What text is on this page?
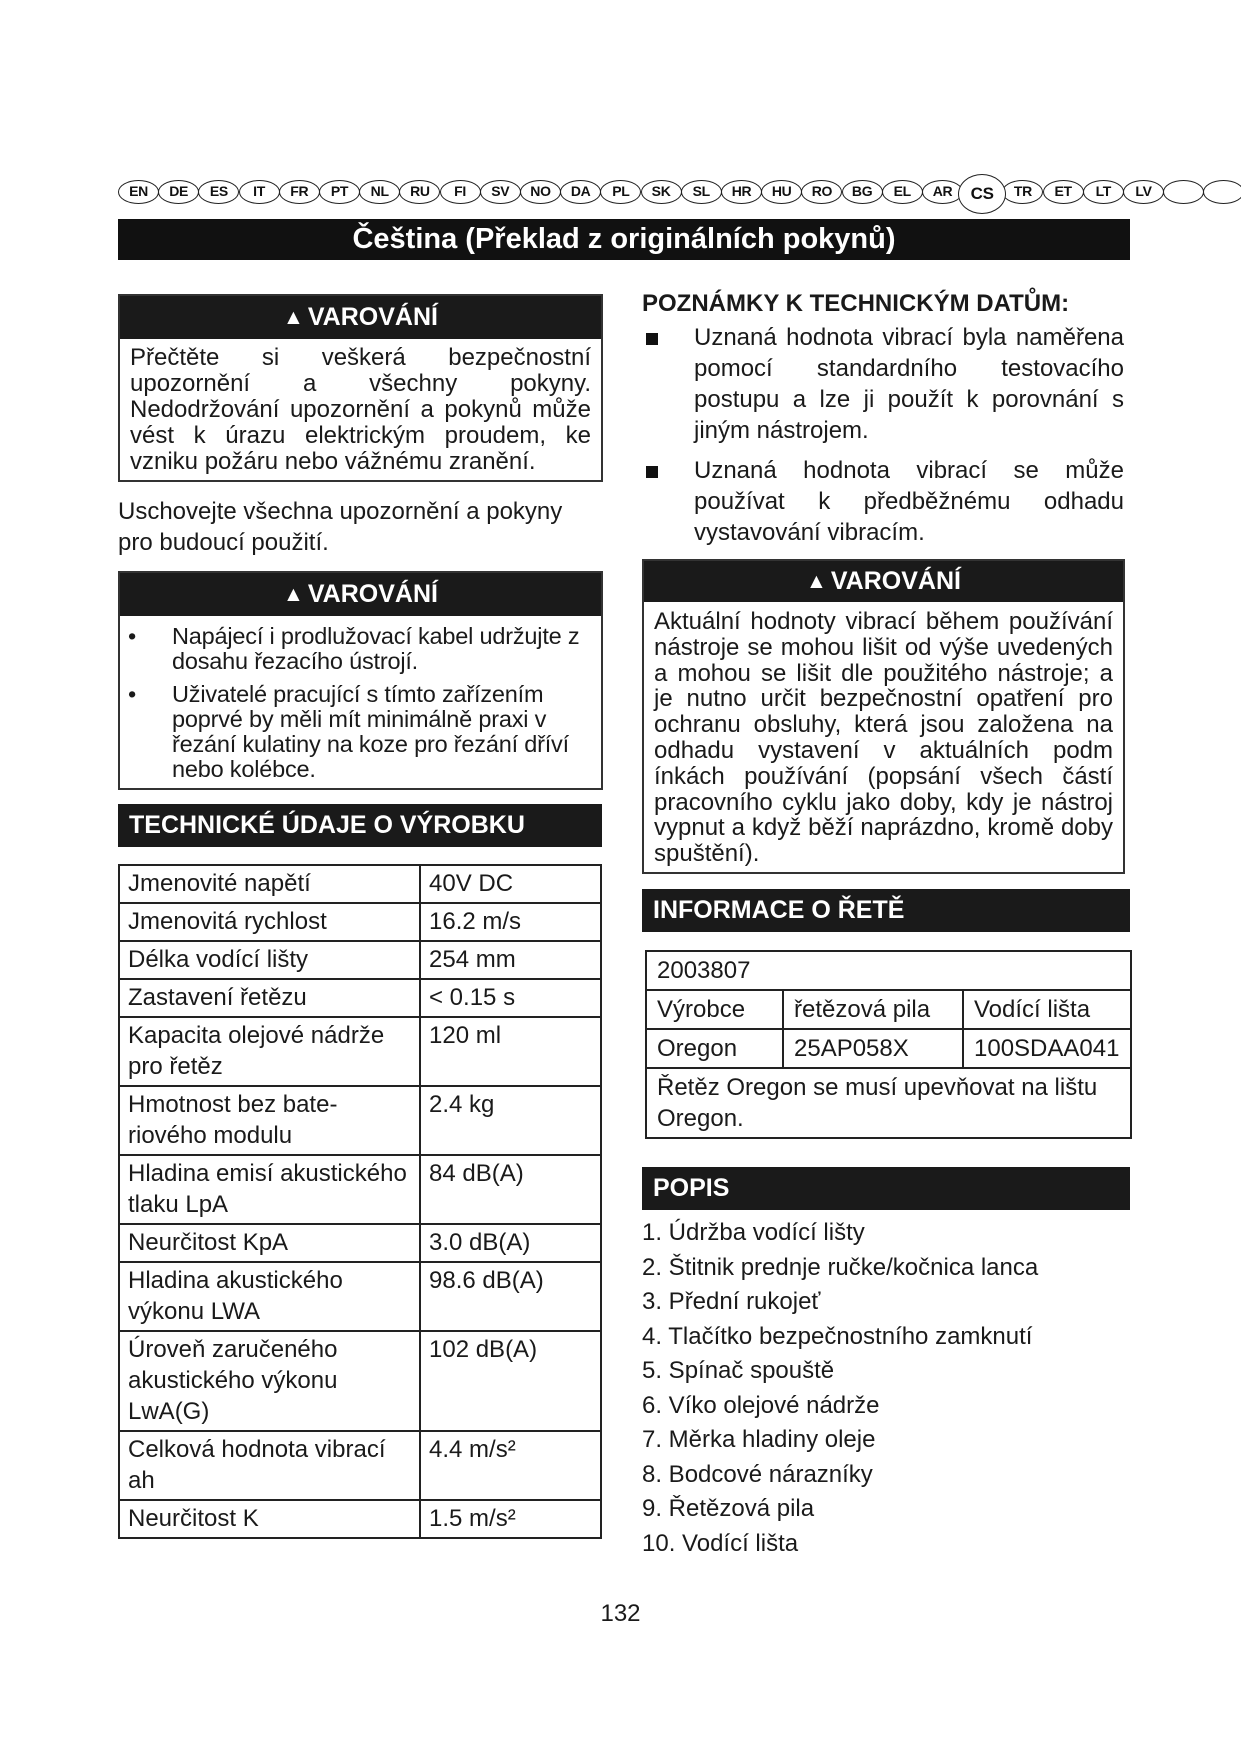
Čeština (Překlad z originálních pokynů)
▲ VAROVÁNÍ
Přečtěte si veškerá bezpečnostní upozornění a všechny pokyny. Nedodržování upozornění a pokynů může vést k úrazu elektrickým proudem, ke vzniku požáru nebo vážnému zranění.
Uschovejte všechna upozornění a pokyny pro budoucí použití.
▲ VAROVÁNÍ
• Napájecí i prodlužovací kabel udržujte z dosahu řezacího ústrojí.
• Uživatelé pracující s tímto zařízením poprvé by měli mít minimálně praxi v řezání kulatiny na koze pro řezání dříví nebo kolébce.
TECHNICKÉ ÚDAJE O VÝROBKU
Jmenovité napětí	40V DC
Jmenovitá rychlost	16.2 m/s
Délka vodící lišty	254 mm
Zastavení řetězu	< 0.15 s
Kapacita olejové nádrže pro řetěz	120 ml
Hmotnost bez bate-riového modulu	2.4 kg
Hladina emisí akustického tlaku LpA	84 dB(A)
Neurčitost KpA	3.0 dB(A)
Hladina akustického výkonu LWA	98.6 dB(A)
Úroveň zaručeného akustického výkonu LwA(G)	102 dB(A)
Celková hodnota vibrací ah	4.4 m/s²
Neurčitost K	1.5 m/s²
POZNÁMKY K TECHNICKÝM DATŮM:
Uznaná hodnota vibrací byla naměřena pomocí standardního testovacího postupu a lze ji použít k porovnání s jiným nástrojem.
Uznaná hodnota vibrací se může používat k předběžnému odhadu vystavování vibracím.
▲ VAROVÁNÍ
Aktuální hodnoty vibrací během používání nástroje se mohou lišit od výše uvedených a mohou se lišit dle použitého nástroje; a je nutno určit bezpečnostní opatření pro ochranu obsluhy, která jsou založena na odhadu vystavení v aktuálních podm ínkách používání (popsání všech částí pracovního cyklu jako doby, kdy je nástroj vypnut a když běží naprázdno, kromě doby spuštění).
INFORMACE O ŘETĚ
2003807		
Výrobce	řetězová pila	Vodící lišta
Oregon	25AP058X	100SDAA041
Řetěz Oregon se musí upevňovat na lištu Oregon.		
POPIS
1. Údržba vodící lišty
2. Štitnik prednje ručke/kočnica lanca
3. Přední rukojeť
4. Tlačítko bezpečnostního zamknutí
5. Spínač spouště
6. Víko olejové nádrže
7. Měrka hladiny oleje
8. Bodcové nárazníky
9. Řetězová pila
10. Vodící lišta
132
EN	DE	ES	IT	FR	PT	NL	RU	FI	SV	NO	DA	PL	SK	SL	HR	HU	RO	BG	EL	AR	CS	TR	ET	LT	LV
